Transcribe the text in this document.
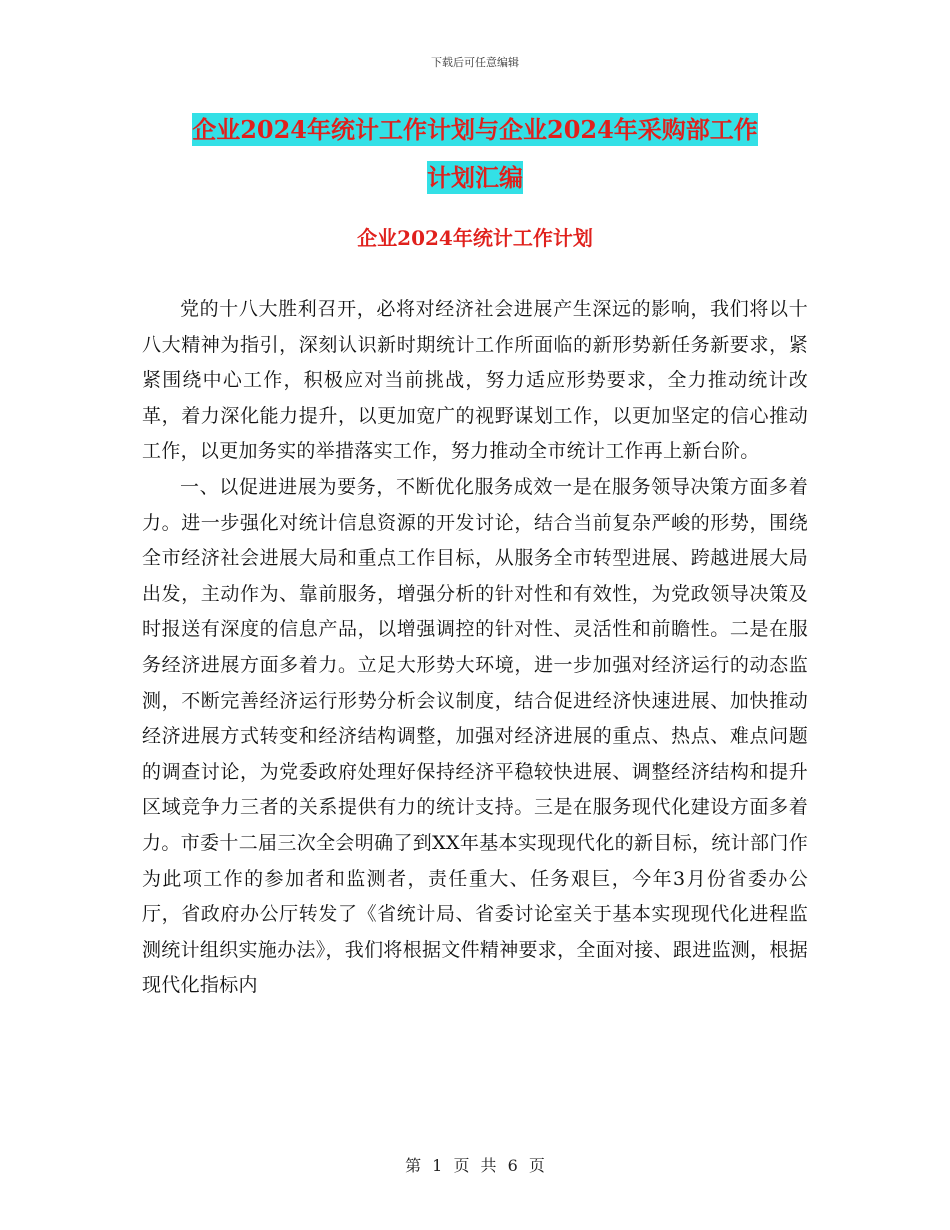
下载后可任意编辑
企业2024年统计工作计划与企业2024年采购部工作
计划汇编
企业2024年统计工作计划

党的十八大胜利召开，必将对经济社会进展产生深远的影响，我们将以十八大精神为指引，深刻认识新时期统计工作所面临的新形势新任务新要求，紧紧围绕中心工作，积极应对当前挑战，努力适应形势要求，全力推动统计改革，着力深化能力提升，以更加宽广的视野谋划工作，以更加坚定的信心推动工作，以更加务实的举措落实工作，努力推动全市统计工作再上新台阶。

一、以促进进展为要务，不断优化服务成效一是在服务领导决策方面多着力。进一步强化对统计信息资源的开发讨论，结合当前复杂严峻的形势，围绕全市经济社会进展大局和重点工作目标，从服务全市转型进展、跨越进展大局出发，主动作为、靠前服务，增强分析的针对性和有效性，为党政领导决策及时报送有深度的信息产品，以增强调控的针对性、灵活性和前瞻性。二是在服务经济进展方面多着力。立足大形势大环境，进一步加强对经济运行的动态监测，不断完善经济运行形势分析会议制度，结合促进经济快速进展、加快推动经济进展方式转变和经济结构调整，加强对经济进展的重点、热点、难点问题的调查讨论，为党委政府处理好保持经济平稳较快进展、调整经济结构和提升区域竞争力三者的关系提供有力的统计支持。三是在服务现代化建设方面多着力。市委十二届三次全会明确了到XX年基本实现现代化的新目标，统计部门作为此项工作的参加者和监测者，责任重大、任务艰巨，今年3月份省委办公厅，省政府办公厅转发了《省统计局、省委讨论室关于基本实现现代化进程监测统计组织实施办法》，我们将根据文件精神要求，全面对接、跟进监测，根据现代化指标内

第 1 页 共 6 页
